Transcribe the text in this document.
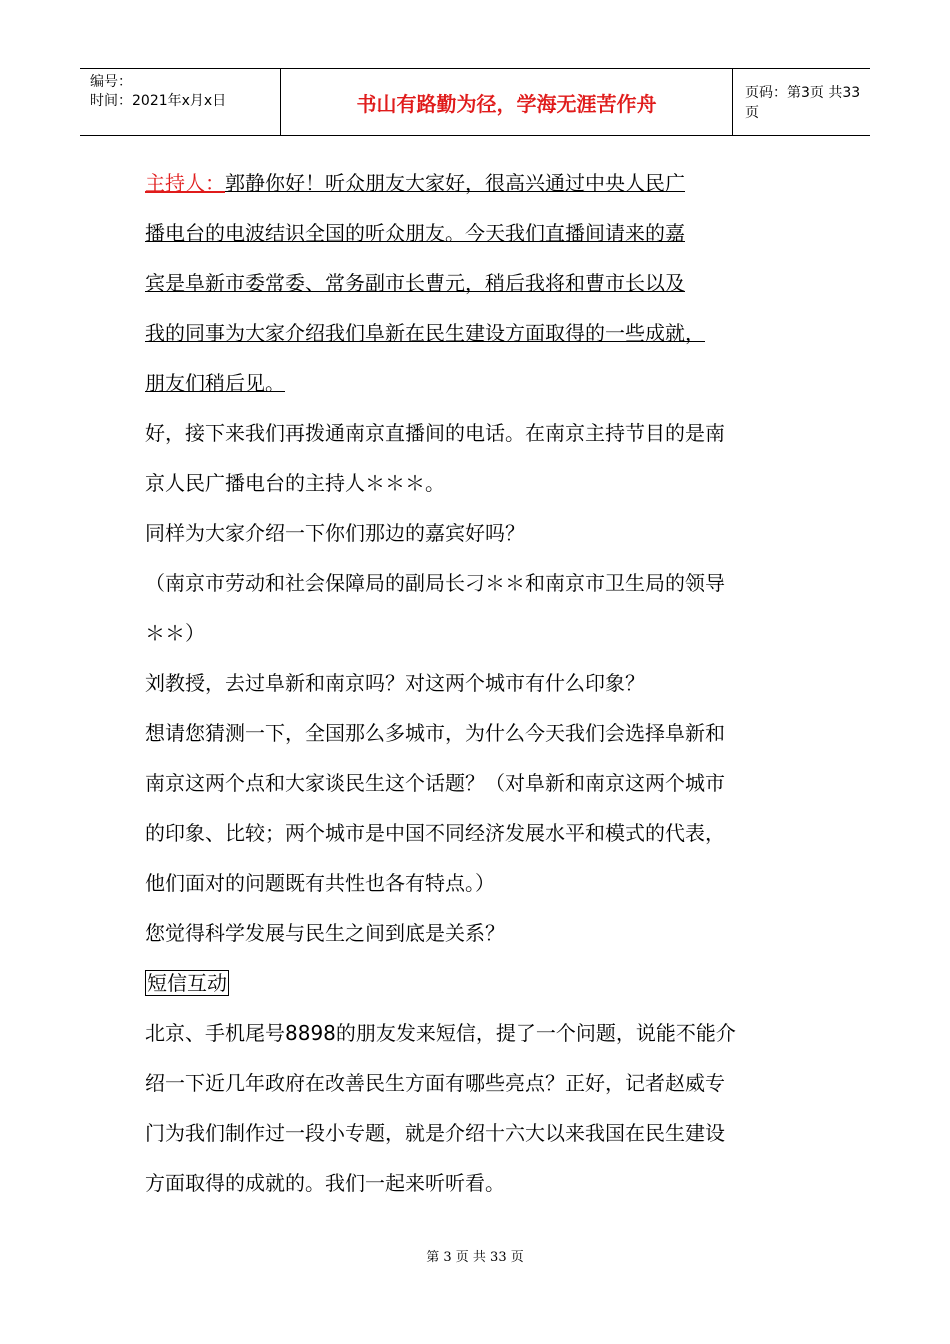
编号：
时间：2021年x月x日	书山有路勤为径，学海无涯苦作舟	页码：第3页 共33页
主持人：郭静你好！听众朋友大家好，很高兴通过中央人民广
播电台的电波结识全国的听众朋友。今天我们直播间请来的嘉
宾是阜新市委常委、常务副市长曹元，稍后我将和曹市长以及
我的同事为大家介绍我们阜新在民生建设方面取得的一些成就，
朋友们稍后见。
好，接下来我们再拨通南京直播间的电话。在南京主持节目的是南
京人民广播电台的主持人＊＊＊。
同样为大家介绍一下你们那边的嘉宾好吗？
（南京市劳动和社会保障局的副局长刁＊＊和南京市卫生局的领导
＊＊）
刘教授，去过阜新和南京吗？对这两个城市有什么印象？
想请您猜测一下，全国那么多城市，为什么今天我们会选择阜新和
南京这两个点和大家谈民生这个话题？（对阜新和南京这两个城市
的印象、比较；两个城市是中国不同经济发展水平和模式的代表，
他们面对的问题既有共性也各有特点。）
您觉得科学发展与民生之间到底是关系？
短信互动
北京、手机尾号8898的朋友发来短信，提了一个问题，说能不能介
绍一下近几年政府在改善民生方面有哪些亮点？正好，记者赵威专
门为我们制作过一段小专题，就是介绍十六大以来我国在民生建设
方面取得的成就的。我们一起来听听看。
第 3 页 共 33 页
